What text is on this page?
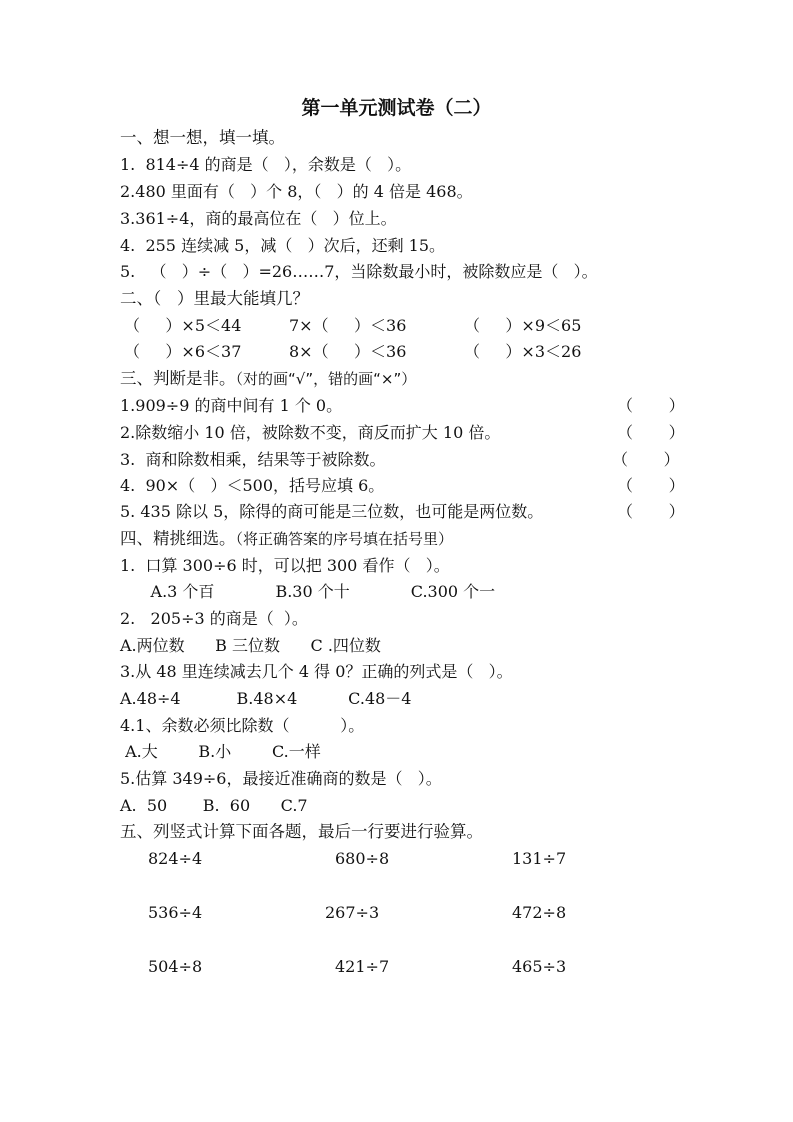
第一单元测试卷（二）
一、想一想，填一填。
1.  814÷4 的商是（   ），余数是（   ）。
2.480 里面有（   ）个 8，（   ）的 4 倍是 468。
3.361÷4，商的最高位在（   ）位上。
4.  255 连续减 5，减（   ）次后，还剩 15。
5.   （   ）÷（   ）=26……7，当除数最小时，被除数应是（   ）。
二、（   ）里最大能填几？
（     ）×5＜44	7×（     ）＜36	（     ）×9＜65
（     ）×6＜37	8×（     ）＜36	（     ）×3＜26
三、判断是非。（对的画“√”，错的画“×”）
1.909÷9 的商中间有 1 个 0。	（       ）
2.除数缩小 10 倍，被除数不变，商反而扩大 10 倍。	（       ）
3.  商和除数相乘，结果等于被除数。	（       ）
4.  90×（   ）＜500，括号应填 6。	（       ）
5. 435 除以 5，除得的商可能是三位数，也可能是两位数。	（       ）
四、精挑细选。（将正确答案的序号填在括号里）
1.  口算 300÷6 时，可以把 300 看作（   ）。
A.3 个百            B.30 个十            C.300 个一
2.   205÷3 的商是（  ）。
A.两位数      B 三位数      C .四位数
3.从 48 里连续减去几个 4 得 0？正确的列式是（   ）。
A.48÷4           B.48×4          C.48－4
4.1、余数必须比除数（          ）。
A.大        B.小        C.一样
5.估算 349÷6，最接近准确商的数是（   ）。
A.  50       B.  60      C.7
五、列竖式计算下面各题，最后一行要进行验算。
824÷4	680÷8	131÷7
536÷4	267÷3	472÷8
504÷8	421÷7	465÷3
